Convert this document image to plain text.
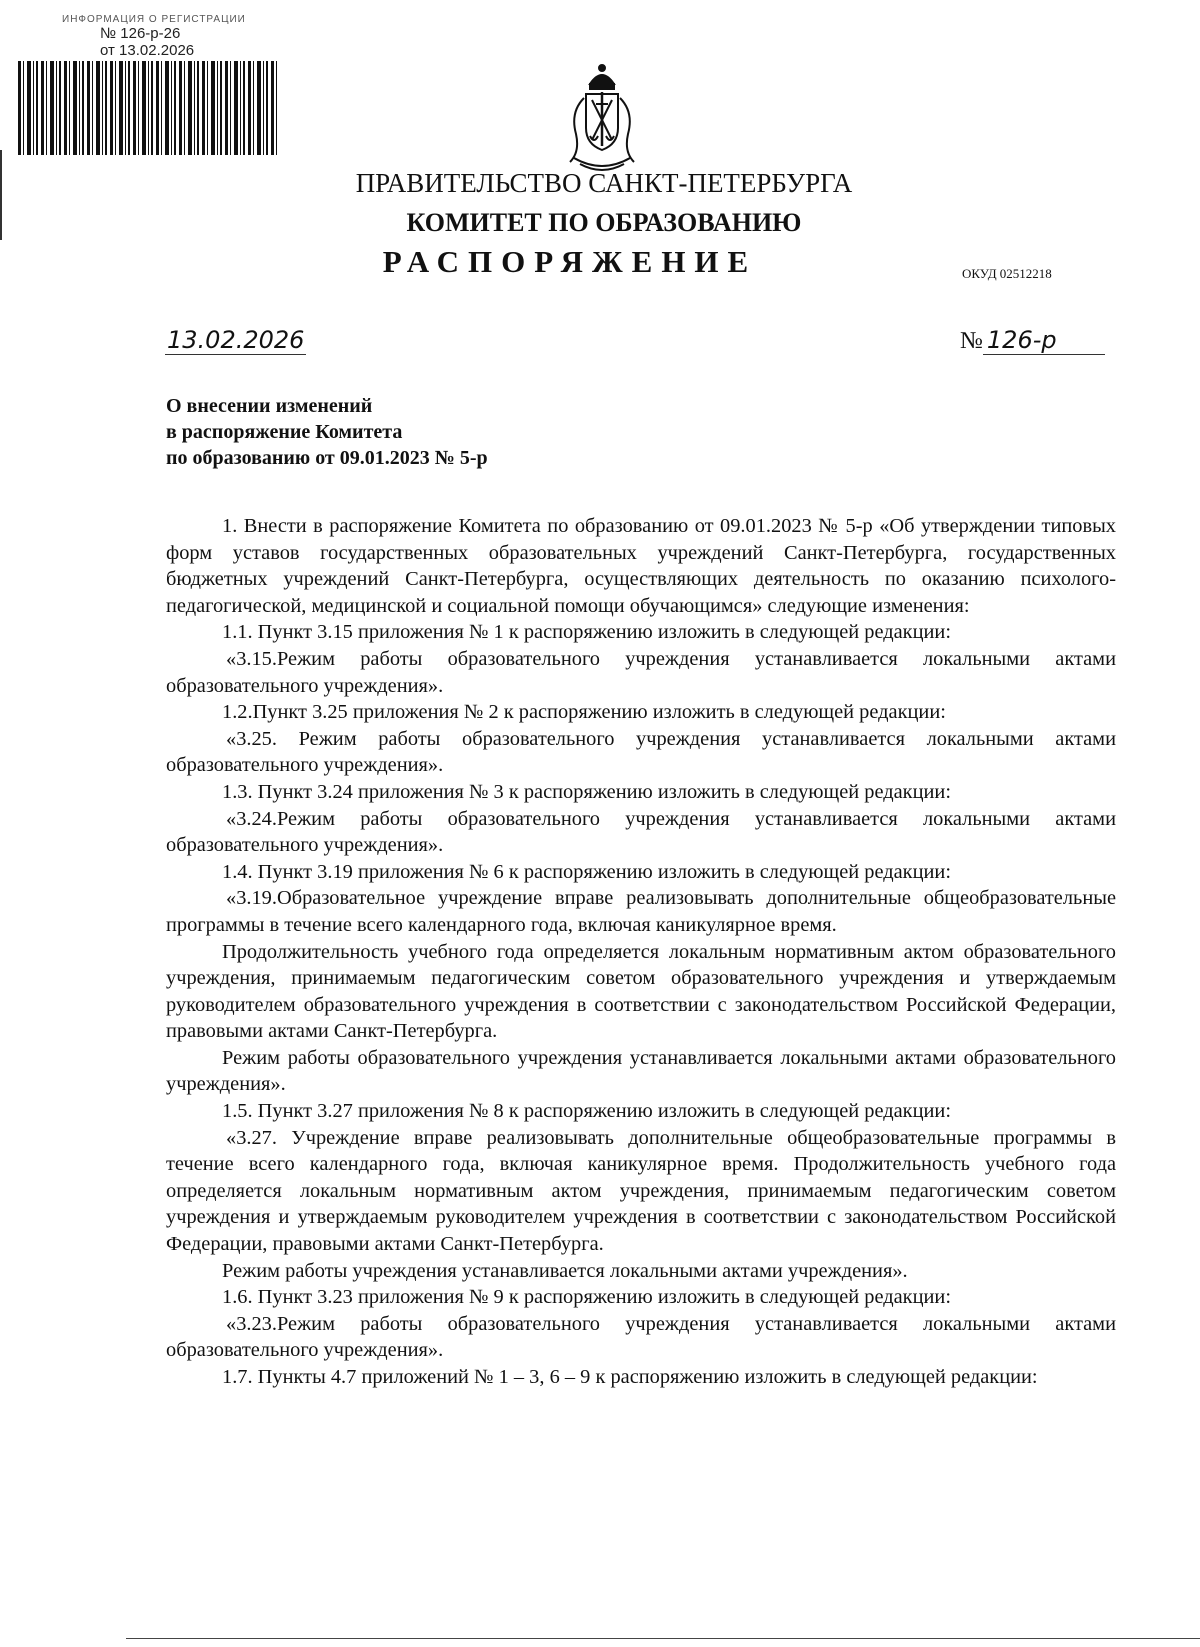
ИНФОРМАЦИЯ О РЕГИСТРАЦИИ
№ 126-р-26
от 13.02.2026
ПРАВИТЕЛЬСТВО САНКТ-ПЕТЕРБУРГА
КОМИТЕТ ПО ОБРАЗОВАНИЮ
РАСПОРЯЖЕНИЕ	ОКУД 02512218
13.02.2026	№ 126-р
О внесении изменений
в распоряжение Комитета
по образованию от 09.01.2023 № 5-р

1. Внести в распоряжение Комитета по образованию от 09.01.2023 № 5-р «Об утверждении типовых форм уставов государственных образовательных учреждений Санкт-Петербурга, государственных бюджетных учреждений Санкт-Петербурга, осуществляющих деятельность по оказанию психолого-педагогической, медицинской и социальной помощи обучающимся» следующие изменения:

1.1. Пункт 3.15 приложения № 1 к распоряжению изложить в следующей редакции:

«3.15.Режим работы образовательного учреждения устанавливается локальными актами образовательного учреждения».

1.2.Пункт 3.25 приложения № 2 к распоряжению изложить в следующей редакции:

«3.25. Режим работы образовательного учреждения устанавливается локальными актами образовательного учреждения».

1.3. Пункт 3.24 приложения № 3 к распоряжению изложить в следующей редакции:

«3.24.Режим работы образовательного учреждения устанавливается локальными актами образовательного учреждения».

1.4. Пункт 3.19 приложения № 6 к распоряжению изложить в следующей редакции:

«3.19.Образовательное учреждение вправе реализовывать дополнительные общеобразовательные программы в течение всего календарного года, включая каникулярное время.

Продолжительность учебного года определяется локальным нормативным актом образовательного учреждения, принимаемым педагогическим советом образовательного учреждения и утверждаемым руководителем образовательного учреждения в соответствии с законодательством Российской Федерации, правовыми актами Санкт-Петербурга.

Режим работы образовательного учреждения устанавливается локальными актами образовательного учреждения».

1.5. Пункт 3.27 приложения № 8 к распоряжению изложить в следующей редакции:

«3.27. Учреждение вправе реализовывать дополнительные общеобразовательные программы в течение всего календарного года, включая каникулярное время. Продолжительность учебного года определяется локальным нормативным актом учреждения, принимаемым педагогическим советом учреждения и утверждаемым руководителем учреждения в соответствии с законодательством Российской Федерации, правовыми актами Санкт-Петербурга.

Режим работы учреждения устанавливается локальными актами учреждения».

1.6. Пункт 3.23 приложения № 9 к распоряжению изложить в следующей редакции:

«3.23.Режим работы образовательного учреждения устанавливается локальными актами образовательного учреждения».

1.7. Пункты 4.7 приложений № 1 – 3, 6 – 9 к распоряжению изложить в следующей редакции:
